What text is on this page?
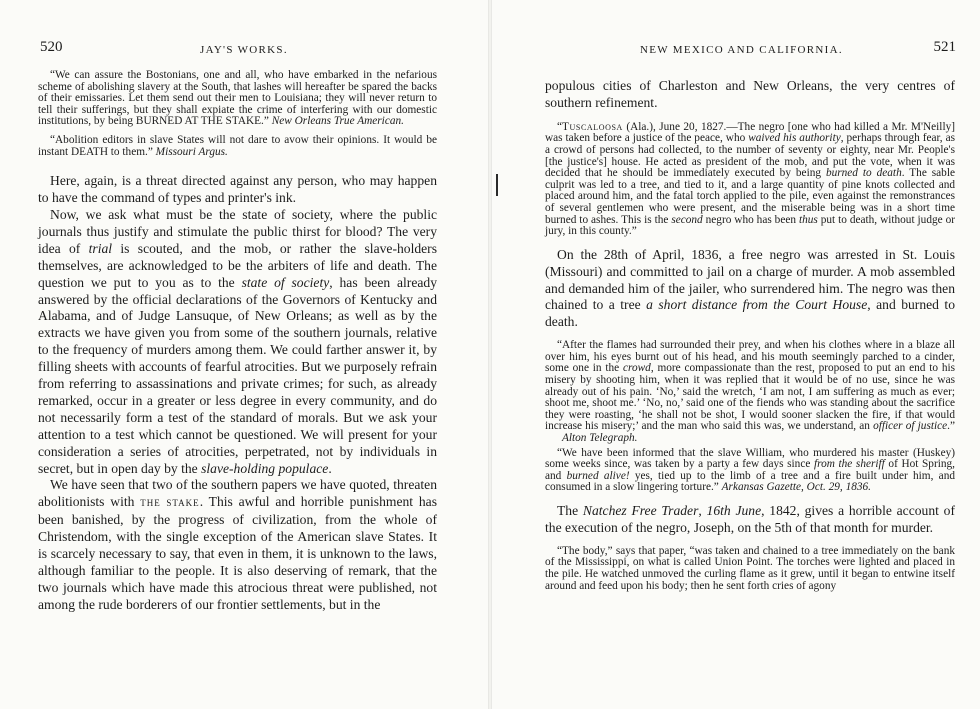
520	JAY'S WORKS.

“We can assure the Bostonians, one and all, who have embarked in the nefarious scheme of abolishing slavery at the South, that lashes will hereafter be spared the backs of their emissaries. Let them send out their men to Louisiana; they will never return to tell their sufferings, but they shall expiate the crime of interfering with our domestic institutions, by being BURNED AT THE STAKE.” New Orleans True American.

“Abolition editors in slave States will not dare to avow their opinions. It would be instant DEATH to them.” Missouri Argus.

Here, again, is a threat directed against any person, who may happen to have the command of types and printer's ink.

Now, we ask what must be the state of society, where the public journals thus justify and stimulate the public thirst for blood? The very idea of trial is scouted, and the mob, or rather the slave-holders themselves, are acknowledged to be the arbiters of life and death. The question we put to you as to the state of society, has been already answered by the official declarations of the Governors of Kentucky and Alabama, and of Judge Lansuque, of New Orleans; as well as by the extracts we have given you from some of the southern journals, relative to the frequency of murders among them. We could farther answer it, by filling sheets with accounts of fearful atrocities. But we purposely refrain from referring to assassinations and private crimes; for such, as already remarked, occur in a greater or less degree in every community, and do not necessarily form a test of the standard of morals. But we ask your attention to a test which cannot be questioned. We will present for your consideration a series of atrocities, perpetrated, not by individuals in secret, but in open day by the slave-holding populace.

We have seen that two of the southern papers we have quoted, threaten abolitionists with THE STAKE. This awful and horrible punishment has been banished, by the progress of civilization, from the whole of Christendom, with the single exception of the American slave States. It is scarcely necessary to say, that even in them, it is unknown to the laws, although familiar to the people. It is also deserving of remark, that the two journals which have made this atrocious threat were published, not among the rude borderers of our frontier settlements, but in the

NEW MEXICO AND CALIFORNIA.	521

populous cities of Charleston and New Orleans, the very centres of southern refinement.

“Tuscaloosa (Ala.), June 20, 1827.—The negro [one who had killed a Mr. M'Neilly] was taken before a justice of the peace, who waived his authority, perhaps through fear, as a crowd of persons had collected, to the number of seventy or eighty, near Mr. People's [the justice's] house. He acted as president of the mob, and put the vote, when it was decided that he should be immediately executed by being burned to death. The sable culprit was led to a tree, and tied to it, and a large quantity of pine knots collected and placed around him, and the fatal torch applied to the pile, even against the remonstrances of several gentlemen who were present, and the miserable being was in a short time burned to ashes. This is the second negro who has been thus put to death, without judge or jury, in this county.”

On the 28th of April, 1836, a free negro was arrested in St. Louis (Missouri) and committed to jail on a charge of murder. A mob assembled and demanded him of the jailer, who surrendered him. The negro was then chained to a tree a short distance from the Court House, and burned to death.

“After the flames had surrounded their prey, and when his clothes where in a blaze all over him, his eyes burnt out of his head, and his mouth seemingly parched to a cinder, some one in the crowd, more compassionate than the rest, proposed to put an end to his misery by shooting him, when it was replied that it would be of no use, since he was already out of his pain. ‘No,’ said the wretch, ‘I am not, I am suffering as much as ever; shoot me, shoot me.’ ‘No, no,’ said one of the fiends who was standing about the sacrifice they were roasting, ‘he shall not be shot, I would sooner slacken the fire, if that would increase his misery;’ and the man who said this was, we understand, an officer of justice.” Alton Telegraph.

“We have been informed that the slave William, who murdered his master (Huskey) some weeks since, was taken by a party a few days since from the sheriff of Hot Spring, and burned alive! yes, tied up to the limb of a tree and a fire built under him, and consumed in a slow lingering torture.” Arkansas Gazette, Oct. 29, 1836.

The Natchez Free Trader, 16th June, 1842, gives a horrible account of the execution of the negro, Joseph, on the 5th of that month for murder.

“The body,” says that paper, “was taken and chained to a tree immediately on the bank of the Mississippi, on what is called Union Point. The torches were lighted and placed in the pile. He watched unmoved the curling flame as it grew, until it began to entwine itself around and feed upon his body; then he sent forth cries of agony
